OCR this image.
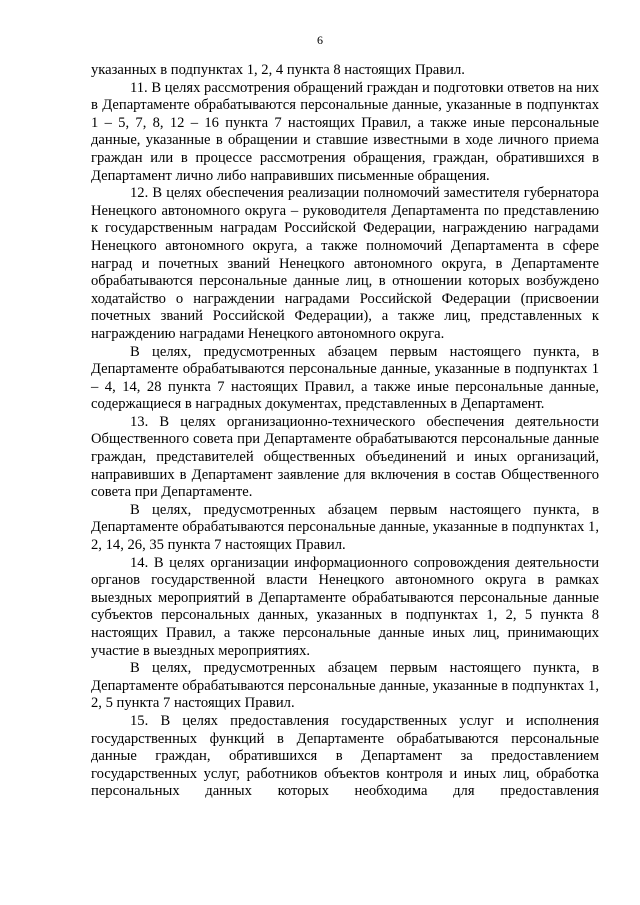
6

указанных в подпунктах 1, 2, 4 пункта 8 настоящих Правил.

11. В целях рассмотрения обращений граждан и подготовки ответов на них в Департаменте обрабатываются персональные данные, указанные в подпунктах 1 – 5, 7, 8, 12 – 16 пункта 7 настоящих Правил, а также иные персональные данные, указанные в обращении и ставшие известными в ходе личного приема граждан или в процессе рассмотрения обращения, граждан, обратившихся в Департамент лично либо направивших письменные обращения.

12. В целях обеспечения реализации полномочий заместителя губернатора Ненецкого автономного округа – руководителя Департамента по представлению к государственным наградам Российской Федерации, награждению наградами Ненецкого автономного округа, а также полномочий Департамента в сфере наград и почетных званий Ненецкого автономного округа, в Департаменте обрабатываются персональные данные лиц, в отношении которых возбуждено ходатайство о награждении наградами Российской Федерации (присвоении почетных званий Российской Федерации), а также лиц, представленных к награждению наградами Ненецкого автономного округа.

В целях, предусмотренных абзацем первым настоящего пункта, в Департаменте обрабатываются персональные данные, указанные в подпунктах 1 – 4, 14, 28 пункта 7 настоящих Правил, а также иные персональные данные, содержащиеся в наградных документах, представленных в Департамент.

13. В целях организационно-технического обеспечения деятельности Общественного совета при Департаменте обрабатываются персональные данные граждан, представителей общественных объединений и иных организаций, направивших в Департамент заявление для включения в состав Общественного совета при Департаменте.

В целях, предусмотренных абзацем первым настоящего пункта, в Департаменте обрабатываются персональные данные, указанные в подпунктах 1, 2, 14, 26, 35 пункта 7 настоящих Правил.

14. В целях организации информационного сопровождения деятельности органов государственной власти Ненецкого автономного округа в рамках выездных мероприятий в Департаменте обрабатываются персональные данные субъектов персональных данных, указанных в подпунктах 1, 2, 5 пункта 8 настоящих Правил, а также персональные данные иных лиц, принимающих участие в выездных мероприятиях.

В целях, предусмотренных абзацем первым настоящего пункта, в Департаменте обрабатываются персональные данные, указанные в подпунктах 1, 2, 5 пункта 7 настоящих Правил.

15. В целях предоставления государственных услуг и исполнения государственных функций в Департаменте обрабатываются персональные данные граждан, обратившихся в Департамент за предоставлением государственных услуг, работников объектов контроля и иных лиц, обработка персональных данных которых необходима для предоставления
